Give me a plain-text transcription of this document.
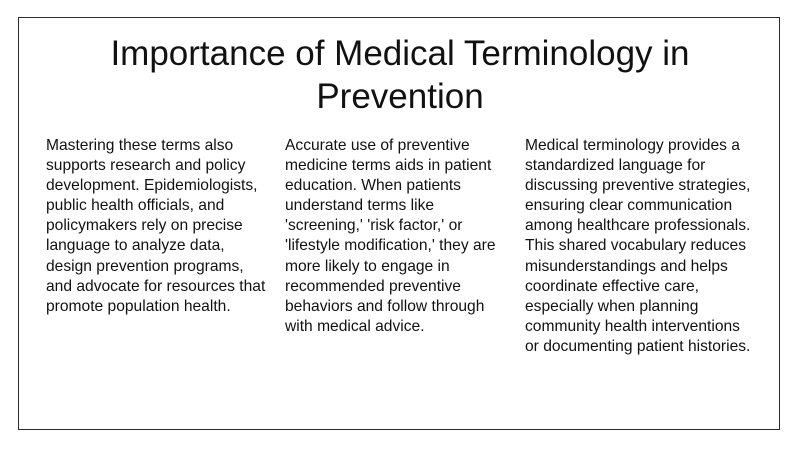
Importance of Medical Terminology in Prevention

Mastering these terms also supports research and policy development. Epidemiologists, public health officials, and policymakers rely on precise language to analyze data, design prevention programs, and advocate for resources that promote population health.

Accurate use of preventive medicine terms aids in patient education. When patients understand terms like 'screening,' 'risk factor,' or 'lifestyle modification,' they are more likely to engage in recommended preventive behaviors and follow through with medical advice.

Medical terminology provides a standardized language for discussing preventive strategies, ensuring clear communication among healthcare professionals. This shared vocabulary reduces misunderstandings and helps coordinate effective care, especially when planning community health interventions or documenting patient histories.
